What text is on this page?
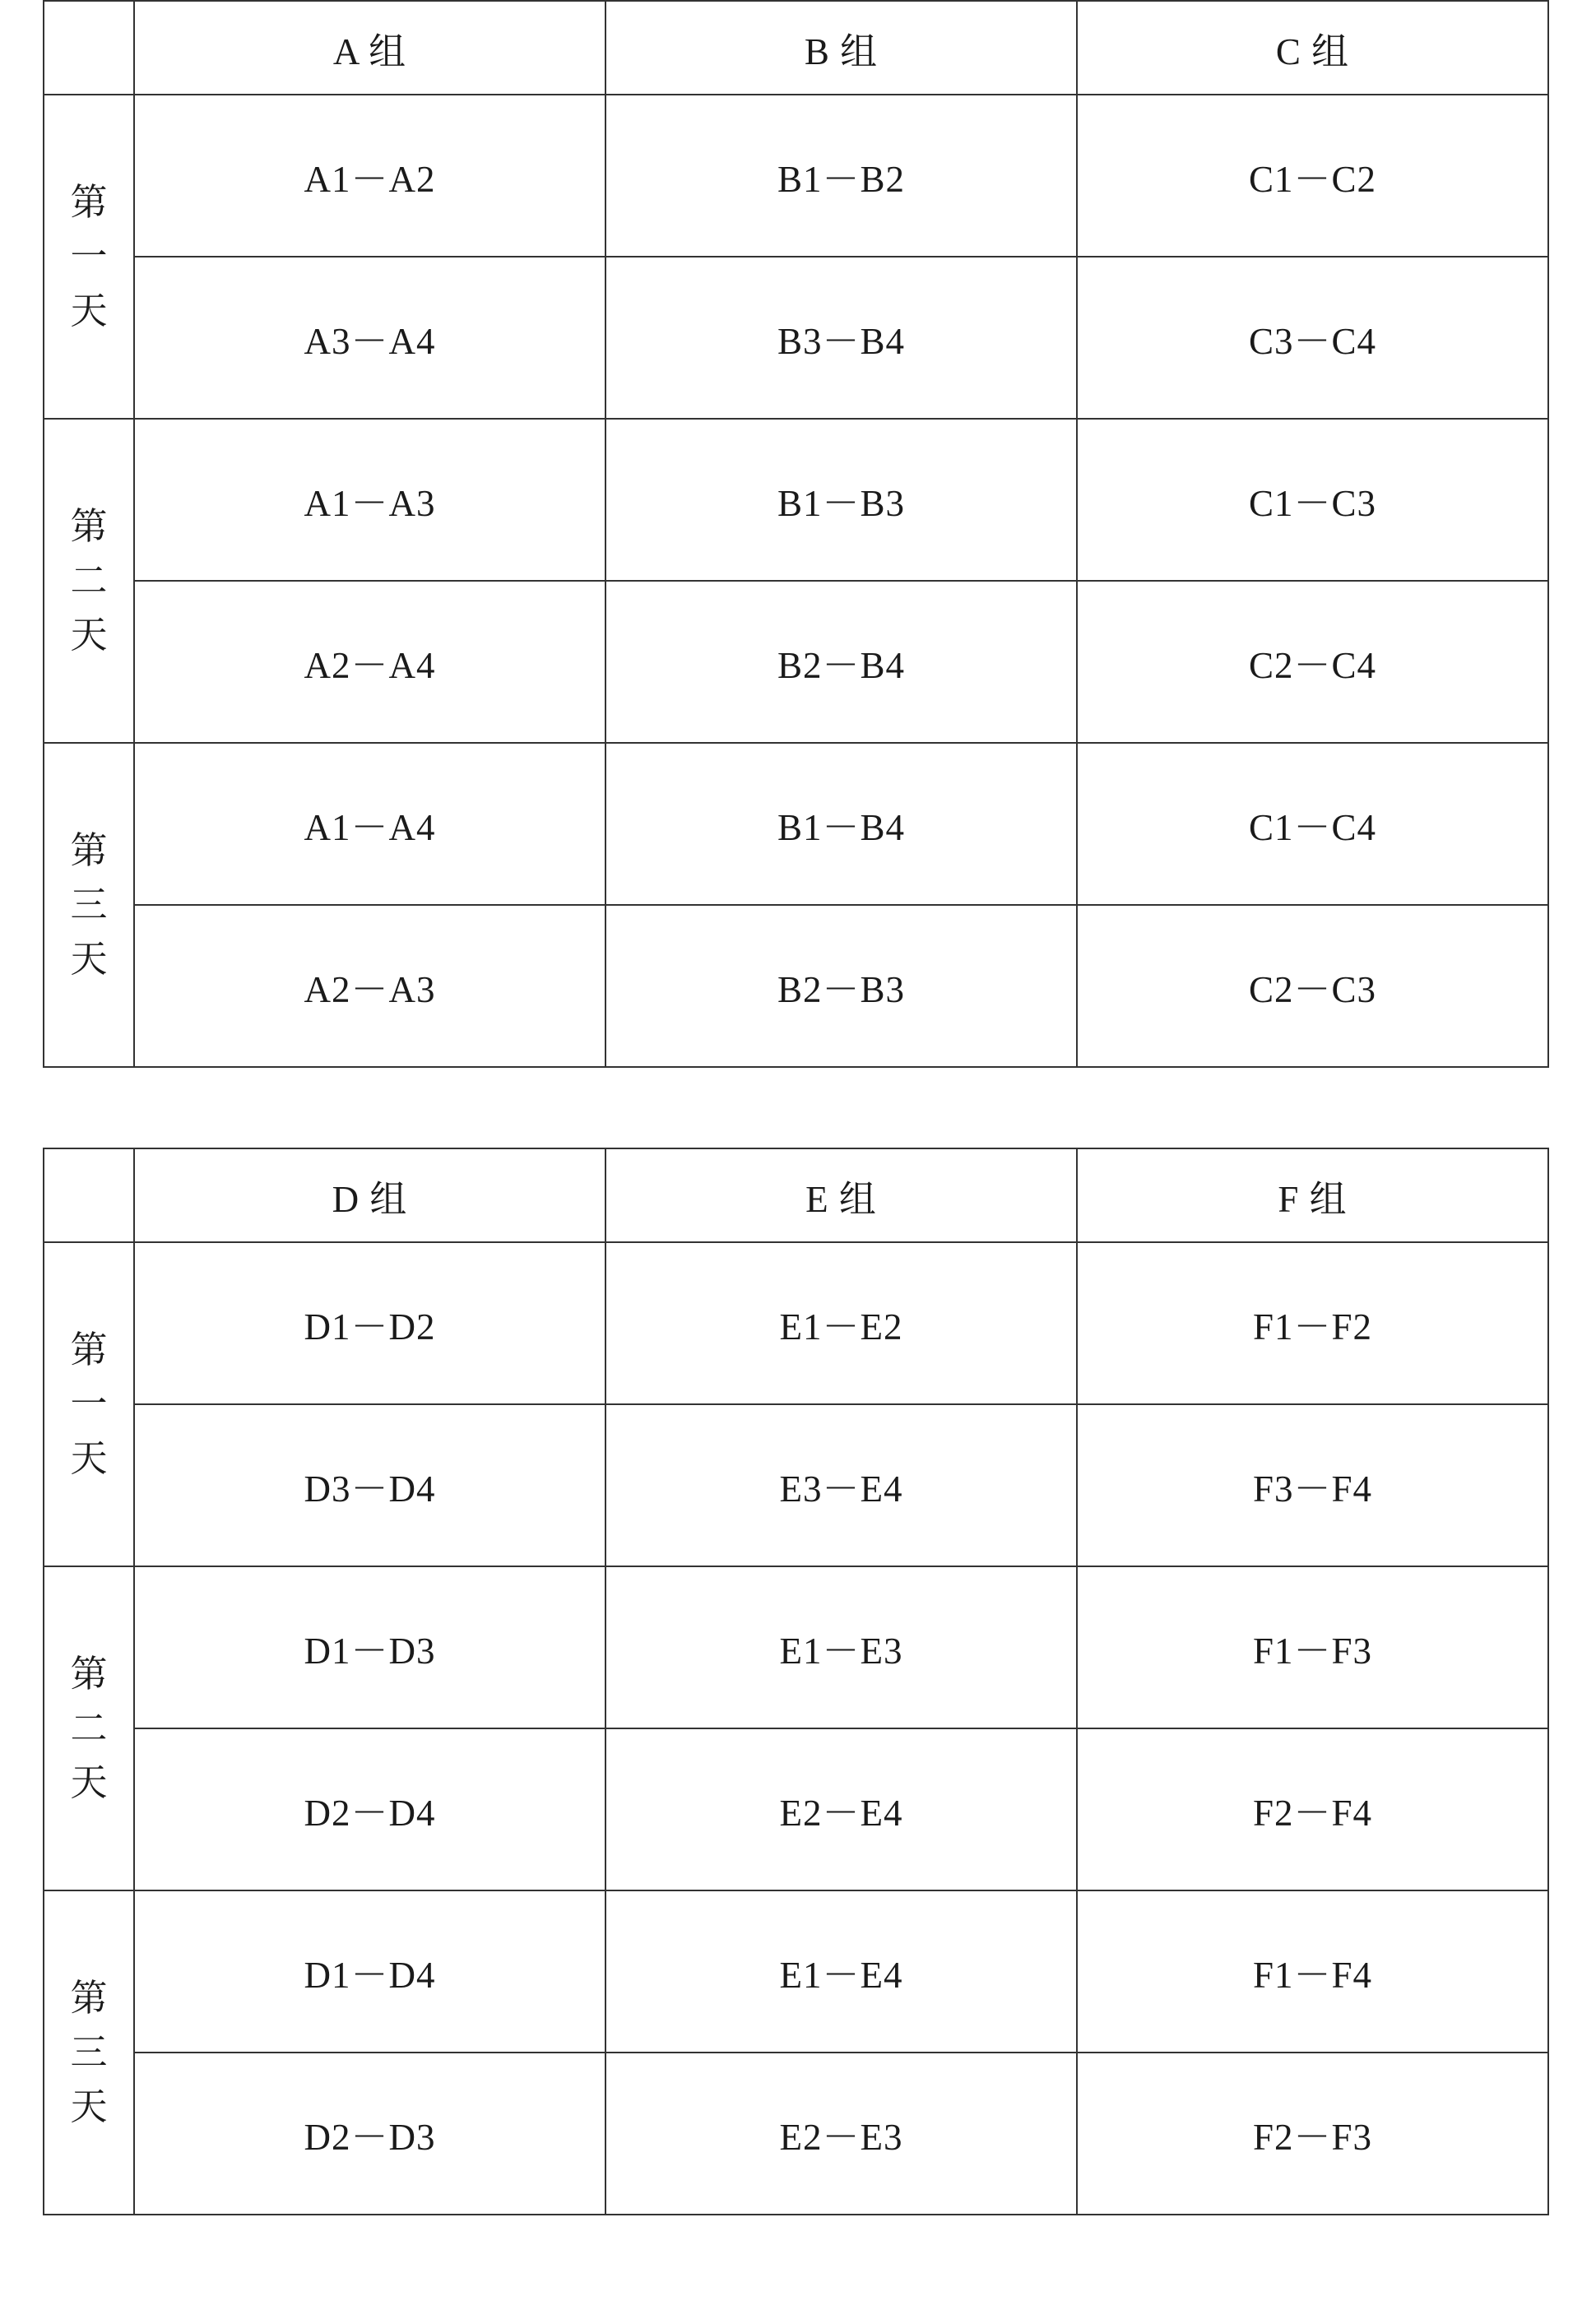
	A 组	B 组	C 组

第
一
天	A1－A2	B1－B2	C1－C2
	A3－A4	B3－B4	C3－C4

第
二
天	A1－A3	B1－B3	C1－C3
	A2－A4	B2－B4	C2－C4

第
三
天	A1－A4	B1－B4	C1－C4
	A2－A3	B2－B3	C2－C3
	D 组	E 组	F 组

第
一
天	D1－D2	E1－E2	F1－F2
	D3－D4	E3－E4	F3－F4

第
二
天	D1－D3	E1－E3	F1－F3
	D2－D4	E2－E4	F2－F4

第
三
天	D1－D4	E1－E4	F1－F4
	D2－D3	E2－E3	F2－F3
